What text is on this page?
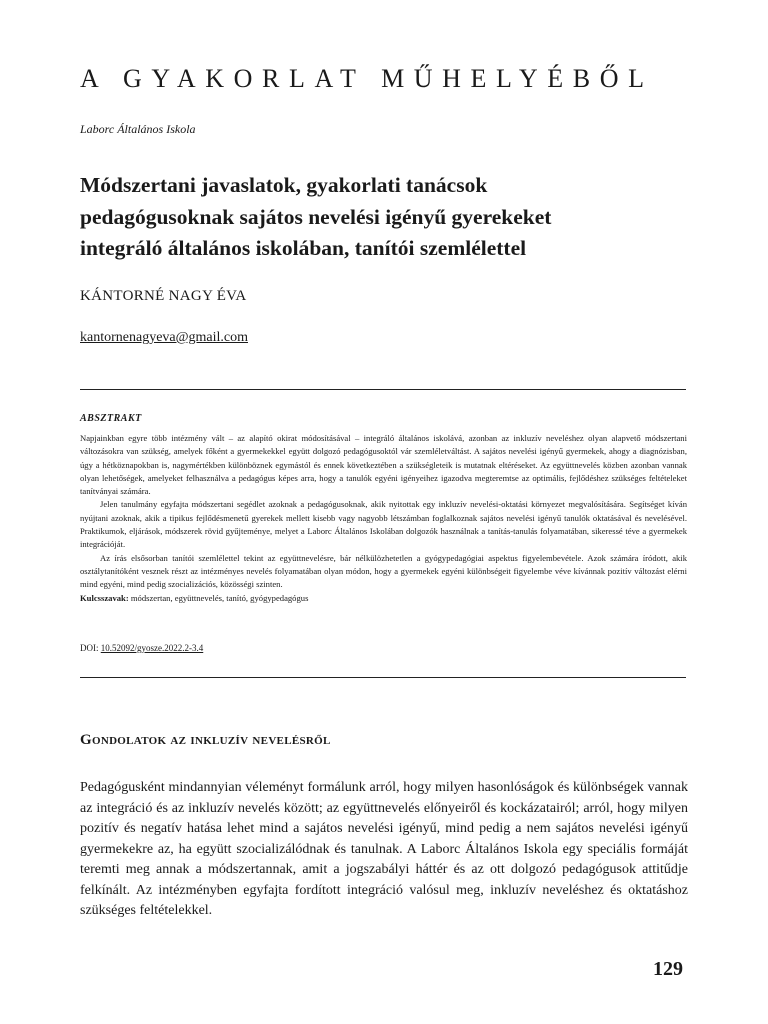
A GYAKORLAT MŰHELYÉBŐL
Laborc Általános Iskola
Módszertani javaslatok, gyakorlati tanácsok
pedagógusoknak sajátos nevelési igényű gyerekeket
integráló általános iskolában, tanítói szemlélettel
KÁNTORNÉ NAGY ÉVA
kantornenagyeva@gmail.com
ABSZTRAKT

Napjainkban egyre több intézmény vált – az alapító okirat módosításával – integráló általános iskolává, azonban az inkluzív neveléshez olyan alapvető módszertani változásokra van szükség, amelyek főként a gyermekekkel együtt dolgozó pedagógusoktól vár szemléletváltást. A sajátos nevelési igényű gyermekek, ahogy a diagnózisban, úgy a hétköznapokban is, nagymértékben különböznek egymástól és ennek következtében a szükségleteik is mutatnak eltéréseket. Az együttnevelés közben azonban vannak olyan lehetőségek, amelyeket felhasználva a pedagógus képes arra, hogy a tanulók egyéni igényeihez igazodva megteremtse az optimális, fejlődéshez szükséges feltételeket tanítványai számára.

Jelen tanulmány egyfajta módszertani segédlet azoknak a pedagógusoknak, akik nyitottak egy inkluzív nevelési-oktatási környezet megvalósítására. Segítséget kíván nyújtani azoknak, akik a tipikus fejlődésmenetű gyerekek mellett kisebb vagy nagyobb létszámban foglalkoznak sajátos nevelési igényű tanulók oktatásával és nevelésével. Praktikumok, eljárások, módszerek rövid gyűjteménye, melyet a Laborc Általános Iskolában dolgozók használnak a tanítás-tanulás folyamatában, sikeressé téve a gyermekek integrációját.

Az írás elsősorban tanítói szemlélettel tekint az együttnevelésre, bár nélkülözhetetlen a gyógypedagógiai aspektus figyelembevétele. Azok számára íródott, akik osztálytanítóként vesznek részt az intézményes nevelés folyamatában olyan módon, hogy a gyermekek egyéni különbségeit figyelembe véve kívánnak pozitív változást elérni mind egyéni, mind pedig szocializációs, közösségi szinten.

Kulcsszavak: módszertan, együttnevelés, tanító, gyógypedagógus

DOI: 10.52092/gyosze.2022.2-3.4
Gondolatok az inkluzív nevelésről
Pedagógusként mindannyian véleményt formálunk arról, hogy milyen hasonlóságok és különbségek vannak az integráció és az inkluzív nevelés között; az együttnevelés előnyeiről és kockázatairól; arról, hogy milyen pozitív és negatív hatása lehet mind a sajátos nevelési igényű, mind pedig a nem sajátos nevelési igényű gyermekekre az, ha együtt szocializálódnak és tanulnak. A Laborc Általános Iskola egy speciális formáját teremti meg annak a módszertannak, amit a jogszabályi háttér és az ott dolgozó pedagógusok attitűdje felkínált. Az intézményben egyfajta fordított integráció valósul meg, inkluzív neveléshez és oktatáshoz szükséges feltételekkel.
129
